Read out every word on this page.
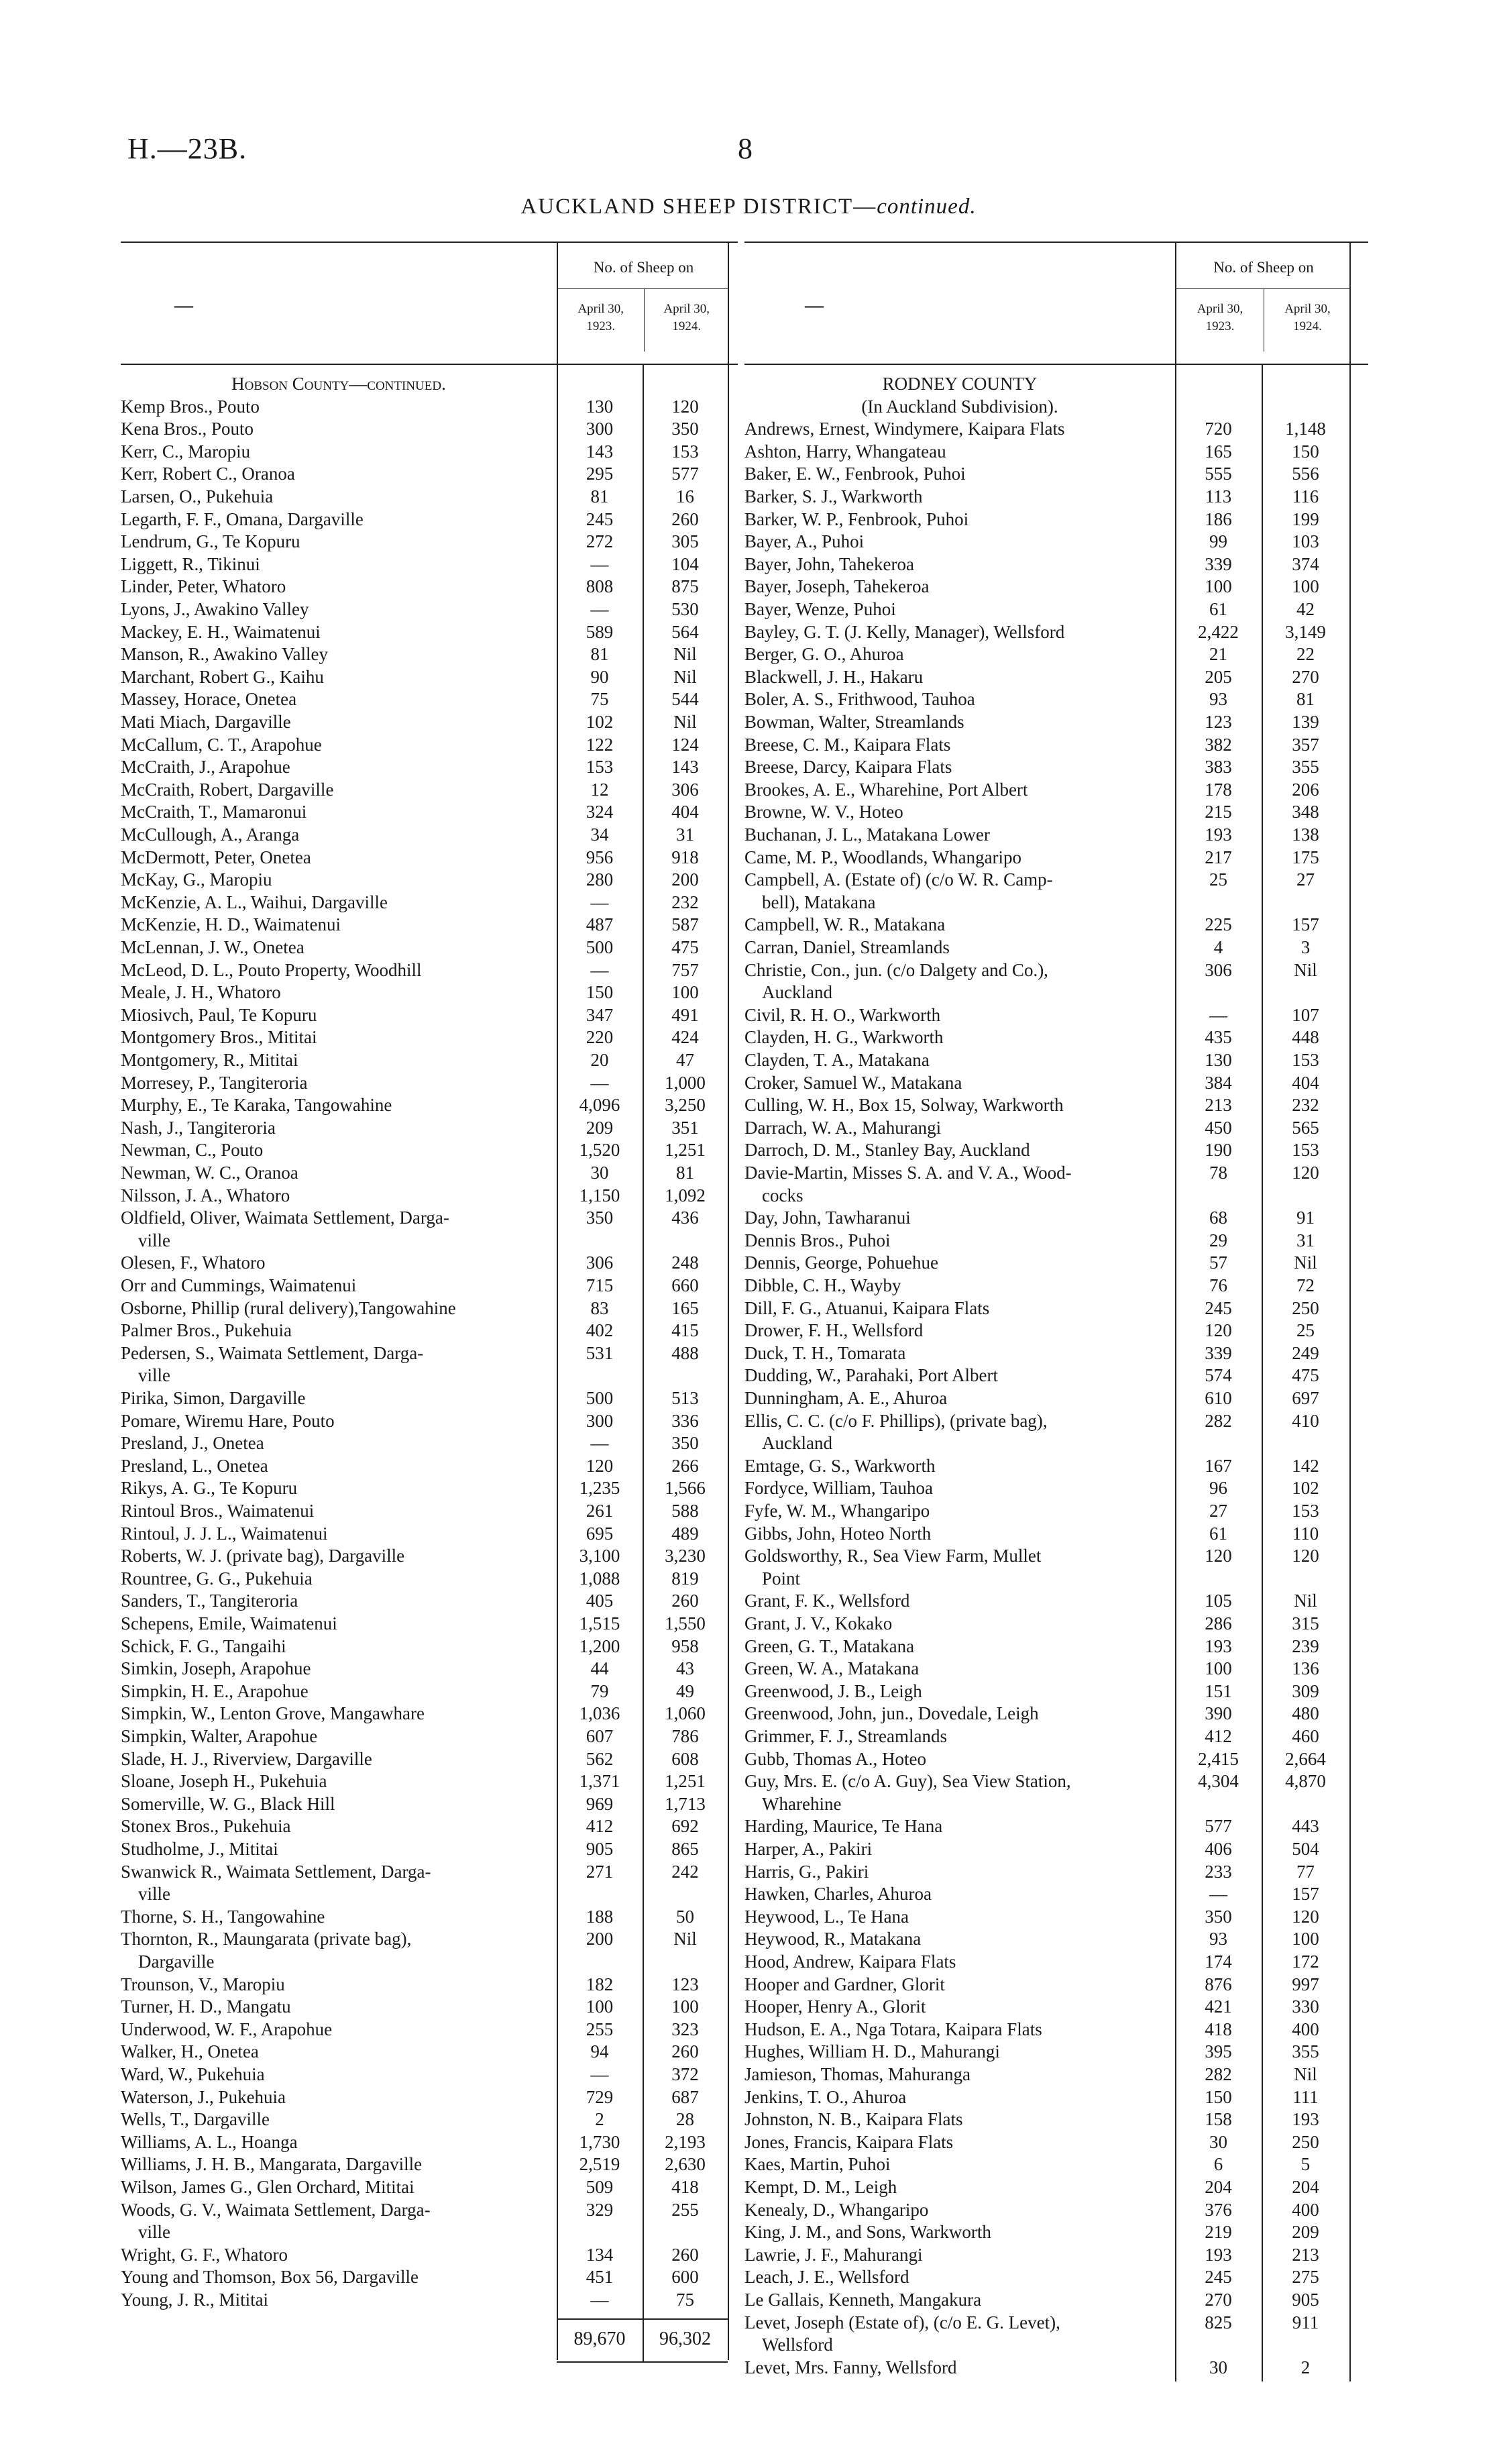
H.—23B.	8
AUCKLAND SHEEP DISTRICT—continued.
—
No. of Sheep on
April 30,
1923.
April 30,
1924.
Hobson County—continued.
Kemp Bros., Pouto	130	120
Kena Bros., Pouto	300	350
Kerr, C., Maropiu	143	153
Kerr, Robert C., Oranoa	295	577
Larsen, O., Pukehuia	81	16
Legarth, F. F., Omana, Dargaville	245	260
Lendrum, G., Te Kopuru	272	305
Liggett, R., Tikinui	—	104
Linder, Peter, Whatoro	808	875
Lyons, J., Awakino Valley	—	530
Mackey, E. H., Waimatenui	589	564
Manson, R., Awakino Valley	81	Nil
Marchant, Robert G., Kaihu	90	Nil
Massey, Horace, Onetea	75	544
Mati Miach, Dargaville	102	Nil
McCallum, C. T., Arapohue	122	124
McCraith, J., Arapohue	153	143
McCraith, Robert, Dargaville	12	306
McCraith, T., Mamaronui	324	404
McCullough, A., Aranga	34	31
McDermott, Peter, Onetea	956	918
McKay, G., Maropiu	280	200
McKenzie, A. L., Waihui, Dargaville	—	232
McKenzie, H. D., Waimatenui	487	587
McLennan, J. W., Onetea	500	475
McLeod, D. L., Pouto Property, Woodhill	—	757
Meale, J. H., Whatoro	150	100
Miosivch, Paul, Te Kopuru	347	491
Montgomery Bros., Mititai	220	424
Montgomery, R., Mititai	20	47
Morresey, P., Tangiteroria	—	1,000
Murphy, E., Te Karaka, Tangowahine	4,096	3,250
Nash, J., Tangiteroria	209	351
Newman, C., Pouto	1,520	1,251
Newman, W. C., Oranoa	30	81
Nilsson, J. A., Whatoro	1,150	1,092
Oldfield, Oliver, Waimata Settlement, Darga-	350	436
ville
Olesen, F., Whatoro	306	248
Orr and Cummings, Waimatenui	715	660
Osborne, Phillip (rural delivery),Tangowahine	83	165
Palmer Bros., Pukehuia	402	415
Pedersen, S., Waimata Settlement, Darga-	531	488
ville
Pirika, Simon, Dargaville	500	513
Pomare, Wiremu Hare, Pouto	300	336
Presland, J., Onetea	—	350
Presland, L., Onetea	120	266
Rikys, A. G., Te Kopuru	1,235	1,566
Rintoul Bros., Waimatenui	261	588
Rintoul, J. J. L., Waimatenui	695	489
Roberts, W. J. (private bag), Dargaville	3,100	3,230
Rountree, G. G., Pukehuia	1,088	819
Sanders, T., Tangiteroria	405	260
Schepens, Emile, Waimatenui	1,515	1,550
Schick, F. G., Tangaihi	1,200	958
Simkin, Joseph, Arapohue	44	43
Simpkin, H. E., Arapohue	79	49
Simpkin, W., Lenton Grove, Mangawhare	1,036	1,060
Simpkin, Walter, Arapohue	607	786
Slade, H. J., Riverview, Dargaville	562	608
Sloane, Joseph H., Pukehuia	1,371	1,251
Somerville, W. G., Black Hill	969	1,713
Stonex Bros., Pukehuia	412	692
Studholme, J., Mititai	905	865
Swanwick R., Waimata Settlement, Darga-	271	242
ville
Thorne, S. H., Tangowahine	188	50
Thornton, R., Maungarata (private bag),	200	Nil
Dargaville
Trounson, V., Maropiu	182	123
Turner, H. D., Mangatu	100	100
Underwood, W. F., Arapohue	255	323
Walker, H., Onetea	94	260
Ward, W., Pukehuia	—	372
Waterson, J., Pukehuia	729	687
Wells, T., Dargaville	2	28
Williams, A. L., Hoanga	1,730	2,193
Williams, J. H. B., Mangarata, Dargaville	2,519	2,630
Wilson, James G., Glen Orchard, Mititai	509	418
Woods, G. V., Waimata Settlement, Darga-	329	255
ville
Wright, G. F., Whatoro	134	260
Young and Thomson, Box 56, Dargaville	451	600
Young, J. R., Mititai	—	75
89,670	96,302
—
No. of Sheep on
April 30,
1923.
April 30,
1924.
RODNEY COUNTY
(In Auckland Subdivision).
Andrews, Ernest, Windymere, Kaipara Flats	720	1,148
Ashton, Harry, Whangateau	165	150
Baker, E. W., Fenbrook, Puhoi	555	556
Barker, S. J., Warkworth	113	116
Barker, W. P., Fenbrook, Puhoi	186	199
Bayer, A., Puhoi	99	103
Bayer, John, Tahekeroa	339	374
Bayer, Joseph, Tahekeroa	100	100
Bayer, Wenze, Puhoi	61	42
Bayley, G. T. (J. Kelly, Manager), Wellsford	2,422	3,149
Berger, G. O., Ahuroa	21	22
Blackwell, J. H., Hakaru	205	270
Boler, A. S., Frithwood, Tauhoa	93	81
Bowman, Walter, Streamlands	123	139
Breese, C. M., Kaipara Flats	382	357
Breese, Darcy, Kaipara Flats	383	355
Brookes, A. E., Wharehine, Port Albert	178	206
Browne, W. V., Hoteo	215	348
Buchanan, J. L., Matakana Lower	193	138
Came, M. P., Woodlands, Whangaripo	217	175
Campbell, A. (Estate of) (c/o W. R. Camp-	25	27
bell), Matakana
Campbell, W. R., Matakana	225	157
Carran, Daniel, Streamlands	4	3
Christie, Con., jun. (c/o Dalgety and Co.),	306	Nil
Auckland
Civil, R. H. O., Warkworth	—	107
Clayden, H. G., Warkworth	435	448
Clayden, T. A., Matakana	130	153
Croker, Samuel W., Matakana	384	404
Culling, W. H., Box 15, Solway, Warkworth	213	232
Darrach, W. A., Mahurangi	450	565
Darroch, D. M., Stanley Bay, Auckland	190	153
Davie-Martin, Misses S. A. and V. A., Wood-	78	120
cocks
Day, John, Tawharanui	68	91
Dennis Bros., Puhoi	29	31
Dennis, George, Pohuehue	57	Nil
Dibble, C. H., Wayby	76	72
Dill, F. G., Atuanui, Kaipara Flats	245	250
Drower, F. H., Wellsford	120	25
Duck, T. H., Tomarata	339	249
Dudding, W., Parahaki, Port Albert	574	475
Dunningham, A. E., Ahuroa	610	697
Ellis, C. C. (c/o F. Phillips), (private bag),	282	410
Auckland
Emtage, G. S., Warkworth	167	142
Fordyce, William, Tauhoa	96	102
Fyfe, W. M., Whangaripo	27	153
Gibbs, John, Hoteo North	61	110
Goldsworthy, R., Sea View Farm, Mullet	120	120
Point
Grant, F. K., Wellsford	105	Nil
Grant, J. V., Kokako	286	315
Green, G. T., Matakana	193	239
Green, W. A., Matakana	100	136
Greenwood, J. B., Leigh	151	309
Greenwood, John, jun., Dovedale, Leigh	390	480
Grimmer, F. J., Streamlands	412	460
Gubb, Thomas A., Hoteo	2,415	2,664
Guy, Mrs. E. (c/o A. Guy), Sea View Station,	4,304	4,870
Wharehine
Harding, Maurice, Te Hana	577	443
Harper, A., Pakiri	406	504
Harris, G., Pakiri	233	77
Hawken, Charles, Ahuroa	—	157
Heywood, L., Te Hana	350	120
Heywood, R., Matakana	93	100
Hood, Andrew, Kaipara Flats	174	172
Hooper and Gardner, Glorit	876	997
Hooper, Henry A., Glorit	421	330
Hudson, E. A., Nga Totara, Kaipara Flats	418	400
Hughes, William H. D., Mahurangi	395	355
Jamieson, Thomas, Mahuranga	282	Nil
Jenkins, T. O., Ahuroa	150	111
Johnston, N. B., Kaipara Flats	158	193
Jones, Francis, Kaipara Flats	30	250
Kaes, Martin, Puhoi	6	5
Kempt, D. M., Leigh	204	204
Kenealy, D., Whangaripo	376	400
King, J. M., and Sons, Warkworth	219	209
Lawrie, J. F., Mahurangi	193	213
Leach, J. E., Wellsford	245	275
Le Gallais, Kenneth, Mangakura	270	905
Levet, Joseph (Estate of), (c/o E. G. Levet),	825	911
Wellsford
Levet, Mrs. Fanny, Wellsford	30	2
